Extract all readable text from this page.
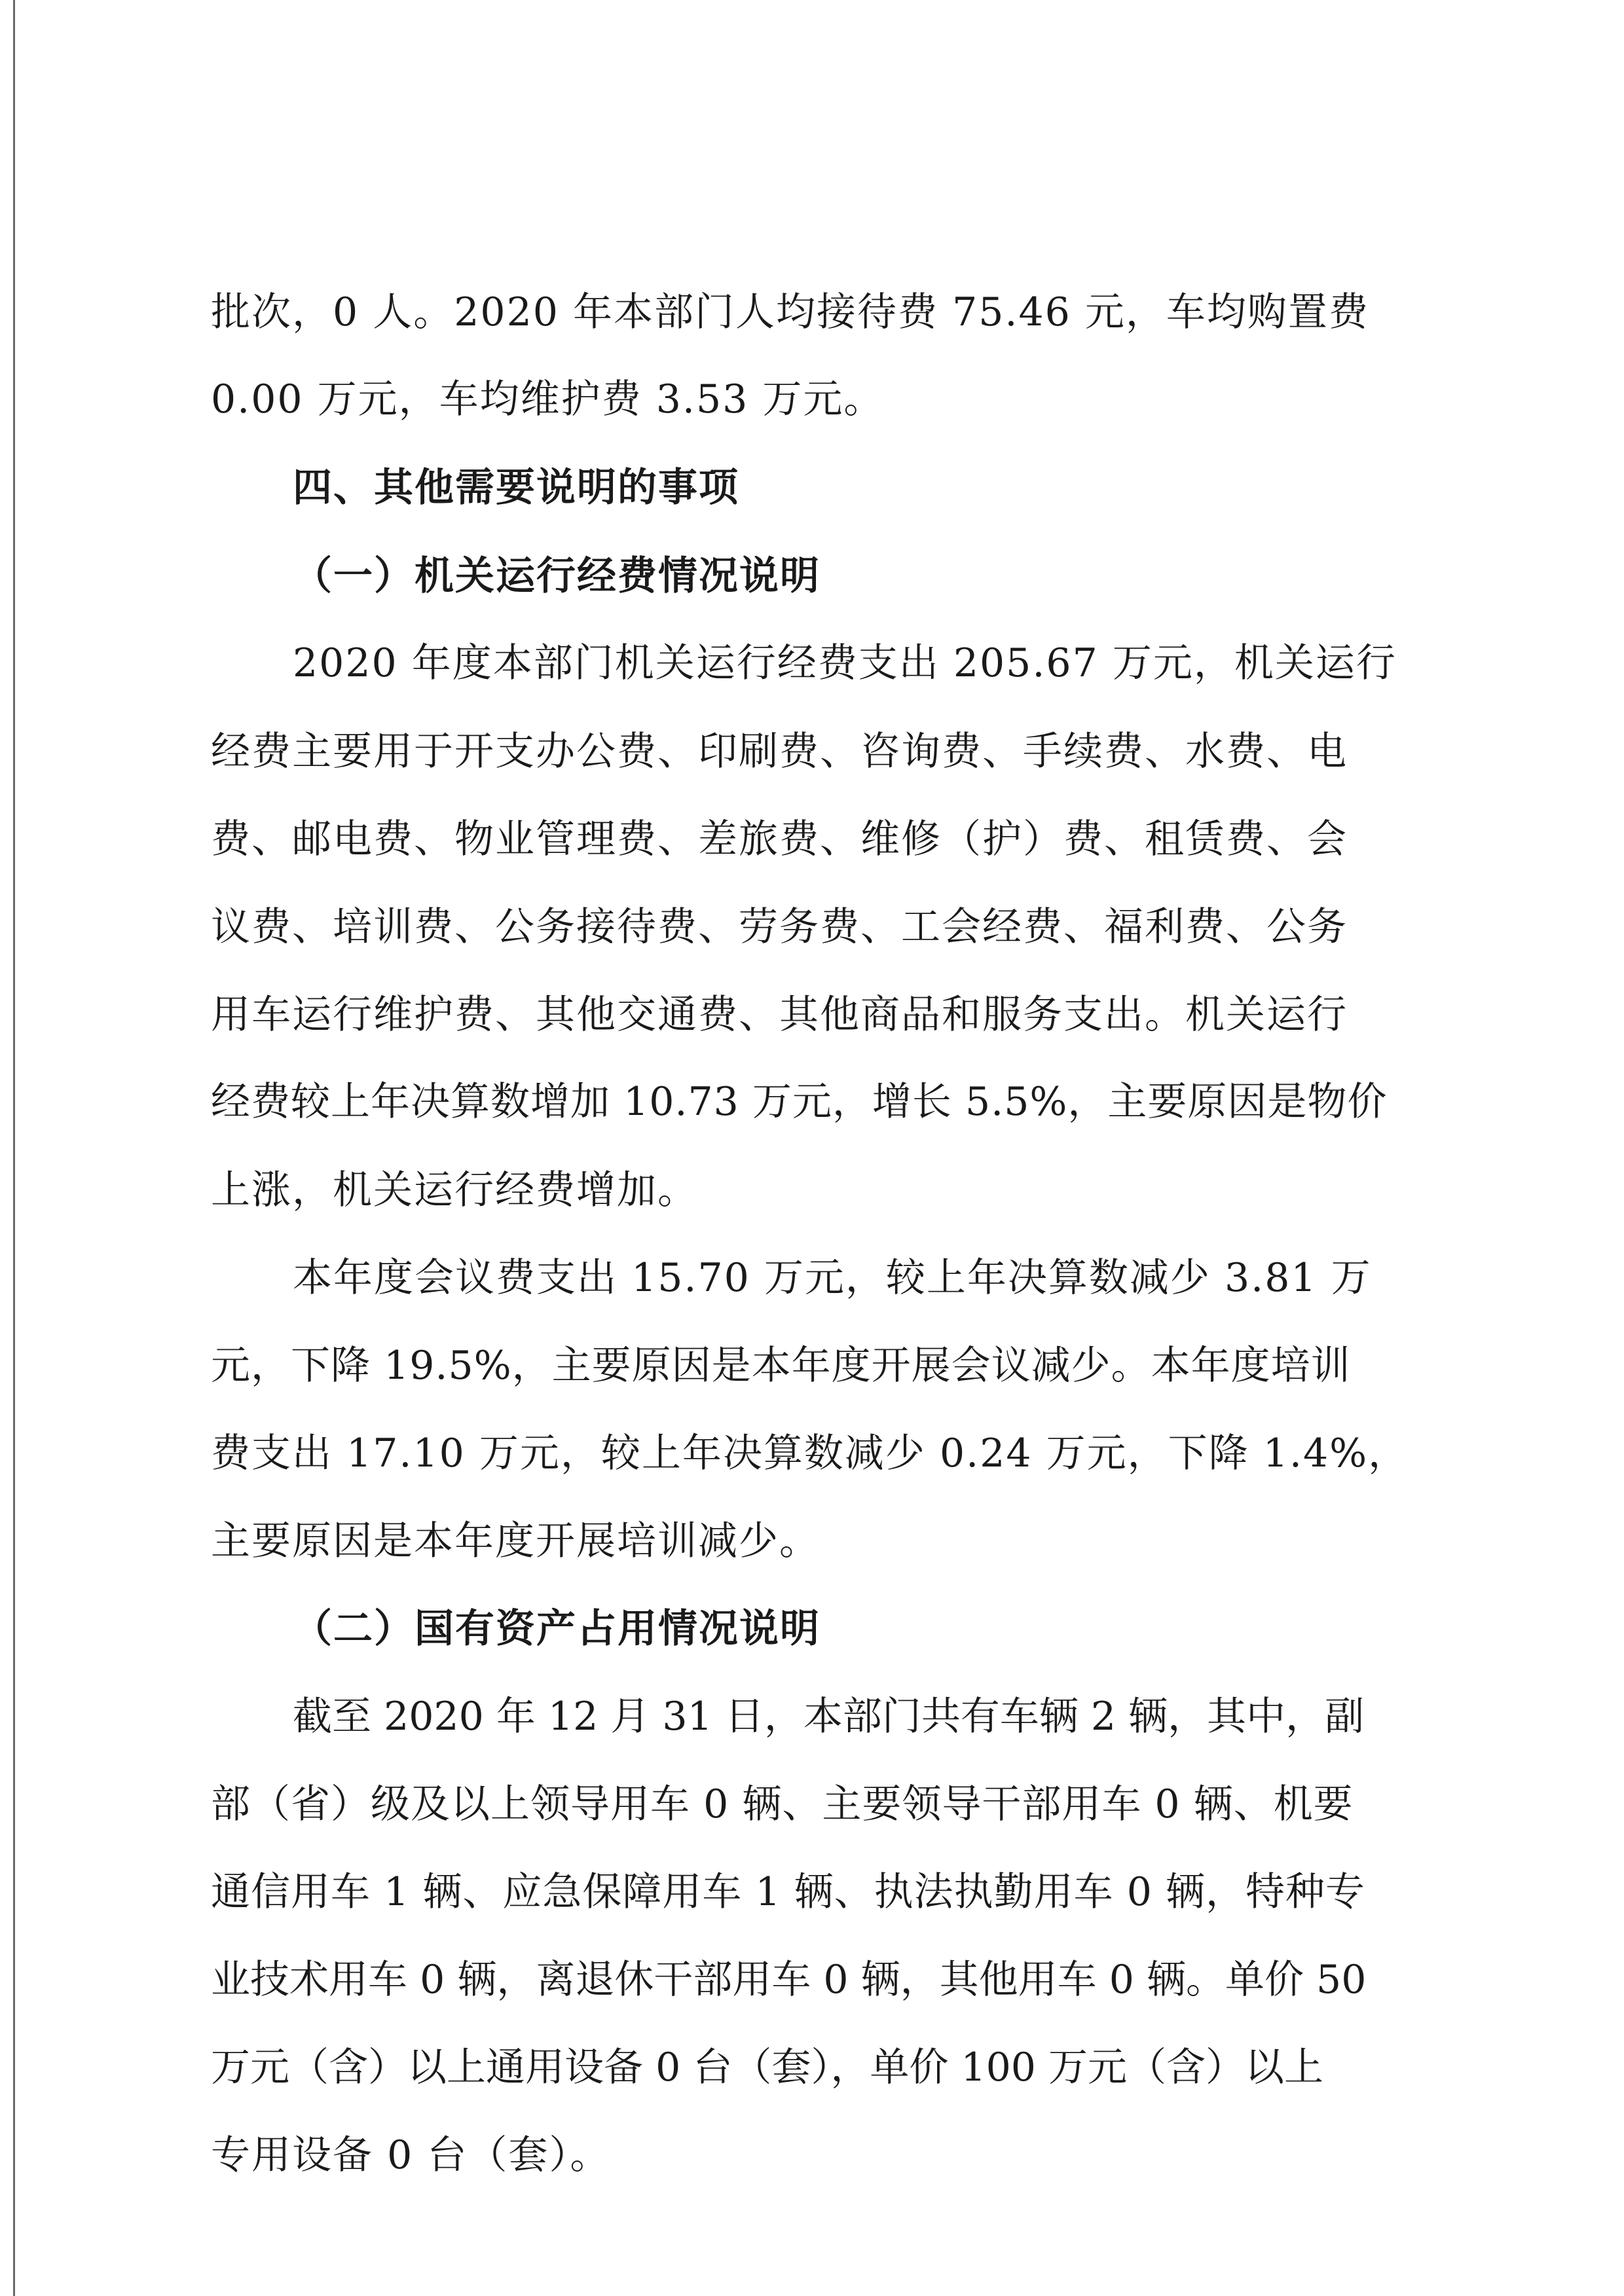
批次，0 人。2020 年本部门人均接待费 75.46 元，车均购置费
0.00 万元，车均维护费 3.53 万元。
四、其他需要说明的事项
（一）机关运行经费情况说明
2020 年度本部门机关运行经费支出 205.67 万元，机关运行
经费主要用于开支办公费、印刷费、咨询费、手续费、水费、电
费、邮电费、物业管理费、差旅费、维修（护）费、租赁费、会
议费、培训费、公务接待费、劳务费、工会经费、福利费、公务
用车运行维护费、其他交通费、其他商品和服务支出。机关运行
经费较上年决算数增加 10.73 万元，增长 5.5%，主要原因是物价
上涨，机关运行经费增加。
本年度会议费支出 15.70 万元，较上年决算数减少 3.81 万
元，下降 19.5%，主要原因是本年度开展会议减少。本年度培训
费支出 17.10 万元，较上年决算数减少 0.24 万元，下降 1.4%，
主要原因是本年度开展培训减少。
（二）国有资产占用情况说明
截至 2020 年 12 月 31 日，本部门共有车辆 2 辆，其中，副
部（省）级及以上领导用车 0 辆、主要领导干部用车 0 辆、机要
通信用车 1 辆、应急保障用车 1 辆、执法执勤用车 0 辆，特种专
业技术用车 0 辆，离退休干部用车 0 辆，其他用车 0 辆。单价 50
万元（含）以上通用设备 0 台（套），单价 100 万元（含）以上
专用设备 0 台（套）。
